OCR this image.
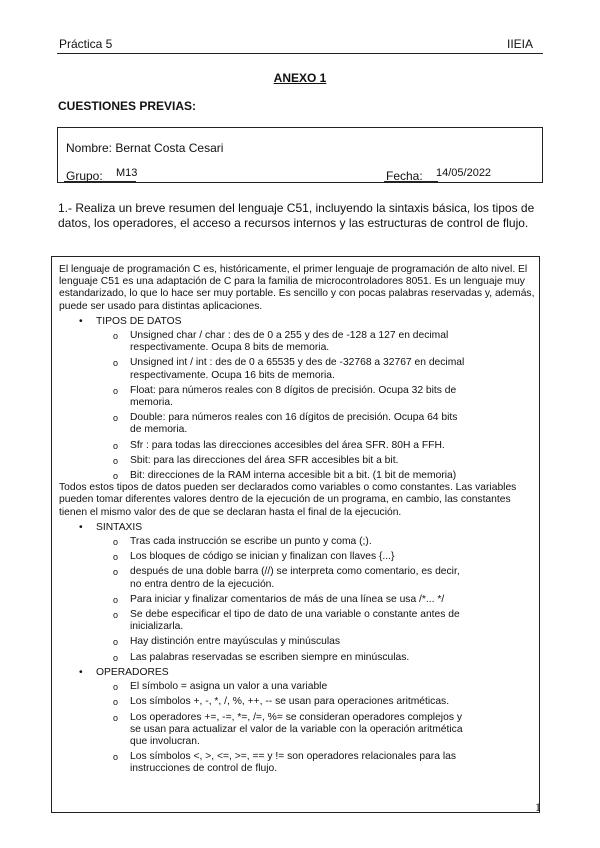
Práctica 5	IIEIA
ANEXO 1
CUESTIONES PREVIAS:
Nombre: Bernat Costa Cesari
Grupo: M13	Fecha: 14/05/2022
1.- Realiza un breve resumen del lenguaje C51, incluyendo la sintaxis básica, los tipos de datos, los operadores, el acceso a recursos internos y las estructuras de control de flujo.

El lenguaje de programación C es, históricamente, el primer lenguaje de programación de alto nivel. El lenguaje C51 es una adaptación de C para la familia de microcontroladores 8051. Es un lenguaje muy estandarizado, lo que lo hace ser muy portable. Es sencillo y con pocas palabras reservadas y, además, puede ser usado para distintas aplicaciones.

• TIPOS DE DATOS
o Unsigned char / char : des de 0 a 255 y des de -128 a 127 en decimal respectivamente. Ocupa 8 bits de memoria.
o Unsigned int / int : des de 0 a 65535 y des de -32768 a 32767 en decimal respectivamente. Ocupa 16 bits de memoria.
o Float: para números reales con 8 dígitos de precisión. Ocupa 32 bits de memoria.
o Double: para números reales con 16 dígitos de precisión. Ocupa 64 bits de memoria.
o Sfr : para todas las direcciones accesibles del área SFR. 80H a FFH.
o Sbit: para las direcciones del área SFR accesibles bit a bit.
o Bit: direcciones de la RAM interna accesible bit a bit. (1 bit de memoria)

Todos estos tipos de datos pueden ser declarados como variables o como constantes. Las variables pueden tomar diferentes valores dentro de la ejecución de un programa, en cambio, las constantes tienen el mismo valor des de que se declaran hasta el final de la ejecución.

• SINTAXIS
o Tras cada instrucción se escribe un punto y coma (;).
o Los bloques de código se inician y finalizan con llaves {...}
o después de una doble barra (//) se interpreta como comentario, es decir, no entra dentro de la ejecución.
o Para iniciar y finalizar comentarios de más de una línea se usa /*... */
o Se debe especificar el tipo de dato de una variable o constante antes de inicializarla.
o Hay distinción entre mayúsculas y minúsculas
o Las palabras reservadas se escriben siempre en minúsculas.
• OPERADORES
o El símbolo = asigna un valor a una variable
o Los símbolos +, -, *, /, %, ++, -- se usan para operaciones aritméticas.
o Los operadores +=, -=, *=, /=, %= se consideran operadores complejos y se usan para actualizar el valor de la variable con la operación aritmética que involucran.
o Los símbolos <, >, <=, >=, == y != son operadores relacionales para las instrucciones de control de flujo.
1
